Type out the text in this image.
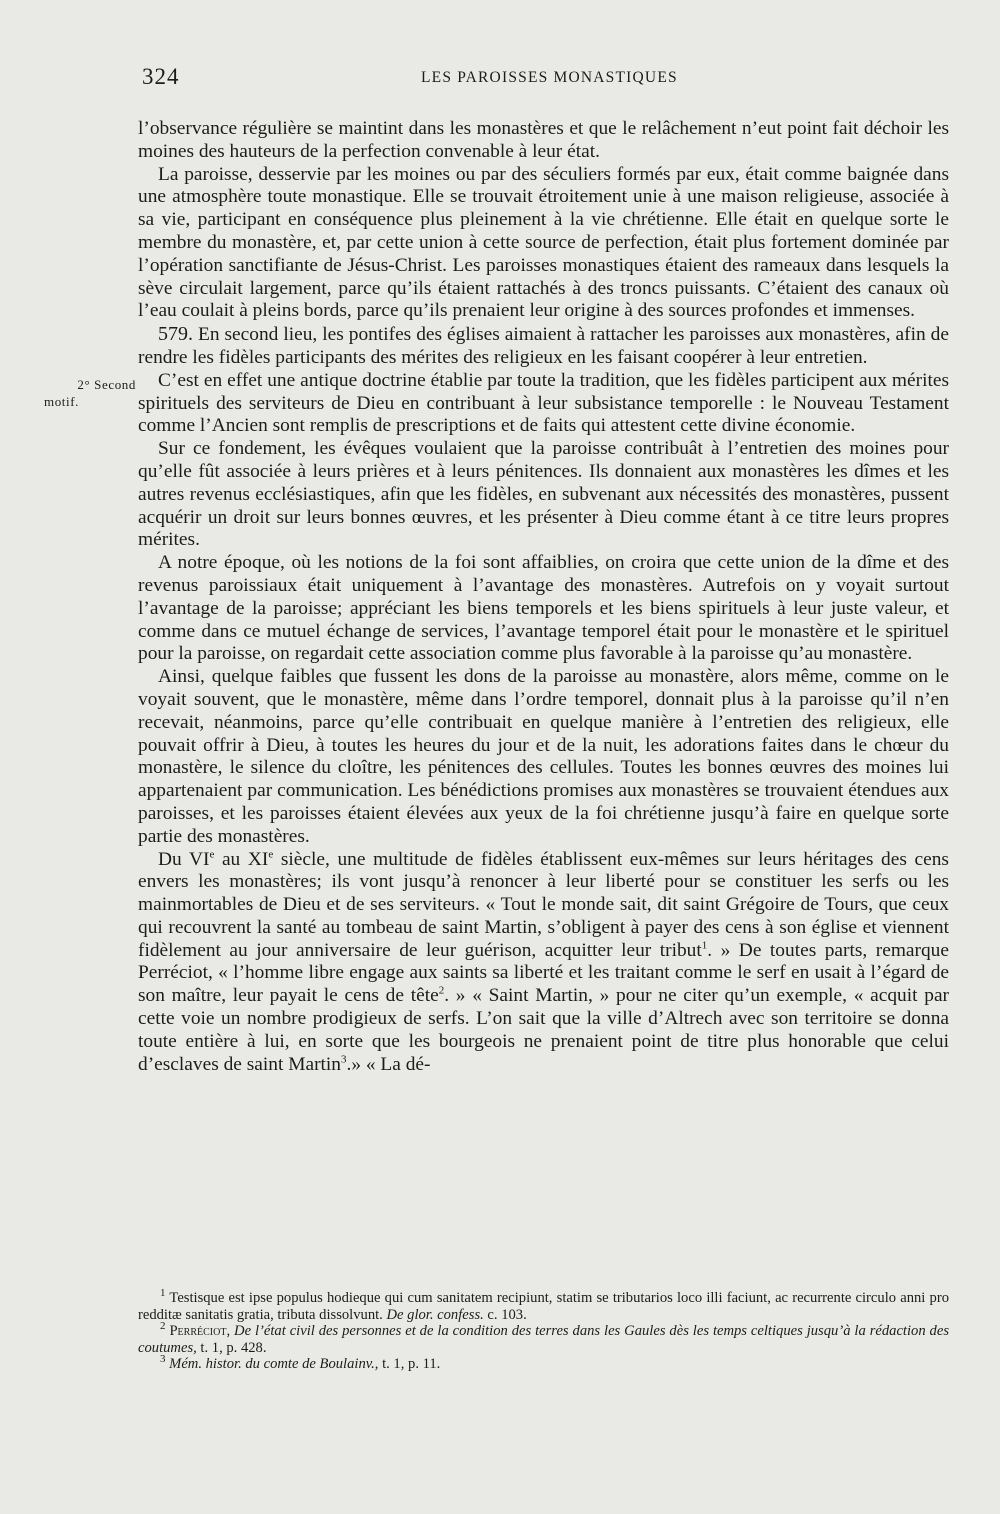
324	LES PAROISSES MONASTIQUES
2° Second
motif.

l’observance régulière se maintint dans les monastères et que le relâchement n’eut point fait déchoir les moines des hauteurs de la perfection convenable à leur état.

La paroisse, desservie par les moines ou par des séculiers formés par eux, était comme baignée dans une atmosphère toute monastique. Elle se trouvait étroitement unie à une maison religieuse, associée à sa vie, participant en conséquence plus pleinement à la vie chrétienne. Elle était en quelque sorte le membre du monastère, et, par cette union à cette source de perfection, était plus fortement dominée par l’opération sanctifiante de Jésus-Christ. Les paroisses monastiques étaient des rameaux dans lesquels la sève circulait largement, parce qu’ils étaient rattachés à des troncs puissants. C’étaient des canaux où l’eau coulait à pleins bords, parce qu’ils prenaient leur origine à des sources profondes et immenses.

579. En second lieu, les pontifes des églises aimaient à rattacher les paroisses aux monastères, afin de rendre les fidèles participants des mérites des religieux en les faisant coopérer à leur entretien.

C’est en effet une antique doctrine établie par toute la tradition, que les fidèles participent aux mérites spirituels des serviteurs de Dieu en contribuant à leur subsistance temporelle : le Nouveau Testament comme l’Ancien sont remplis de prescriptions et de faits qui attestent cette divine économie.

Sur ce fondement, les évêques voulaient que la paroisse contribuât à l’entretien des moines pour qu’elle fût associée à leurs prières et à leurs pénitences. Ils donnaient aux monastères les dîmes et les autres revenus ecclésiastiques, afin que les fidèles, en subvenant aux nécessités des monastères, pussent acquérir un droit sur leurs bonnes œuvres, et les présenter à Dieu comme étant à ce titre leurs propres mérites.

A notre époque, où les notions de la foi sont affaiblies, on croira que cette union de la dîme et des revenus paroissiaux était uniquement à l’avantage des monastères. Autrefois on y voyait surtout l’avantage de la paroisse; appréciant les biens temporels et les biens spirituels à leur juste valeur, et comme dans ce mutuel échange de services, l’avantage temporel était pour le monastère et le spirituel pour la paroisse, on regardait cette association comme plus favorable à la paroisse qu’au monastère.

Ainsi, quelque faibles que fussent les dons de la paroisse au monastère, alors même, comme on le voyait souvent, que le monastère, même dans l’ordre temporel, donnait plus à la paroisse qu’il n’en recevait, néanmoins, parce qu’elle contribuait en quelque manière à l’entretien des religieux, elle pouvait offrir à Dieu, à toutes les heures du jour et de la nuit, les adorations faites dans le chœur du monastère, le silence du cloître, les pénitences des cellules. Toutes les bonnes œuvres des moines lui appartenaient par communication. Les bénédictions promises aux monastères se trouvaient étendues aux paroisses, et les paroisses étaient élevées aux yeux de la foi chrétienne jusqu’à faire en quelque sorte partie des monastères.

Du VIe au XIe siècle, une multitude de fidèles établissent eux-mêmes sur leurs héritages des cens envers les monastères; ils vont jusqu’à renoncer à leur liberté pour se constituer les serfs ou les mainmortables de Dieu et de ses serviteurs. « Tout le monde sait, dit saint Grégoire de Tours, que ceux qui recouvrent la santé au tombeau de saint Martin, s’obligent à payer des cens à son église et viennent fidèlement au jour anniversaire de leur guérison, acquitter leur tribut$^1$. » De toutes parts, remarque Perréciot, « l’homme libre engage aux saints sa liberté et les traitant comme le serf en usait à l’égard de son maître, leur payait le cens de tête$^2$. » « Saint Martin, » pour ne citer qu’un exemple, « acquit par cette voie un nombre prodigieux de serfs. L’on sait que la ville d’Altrech avec son territoire se donna toute entière à lui, en sorte que les bourgeois ne prenaient point de titre plus honorable que celui d’esclaves de saint Martin$^3$.» « La dé-

$^1$ Testisque est ipse populus hodieque qui cum sanitatem recipiunt, statim se tributarios loco illi faciunt, ac recurrente circulo anni pro redditæ sanitatis gratia, tributa dissolvunt. De glor. confess. c. 103.

$^2$ Perréciot, De l’état civil des personnes et de la condition des terres dans les Gaules dès les temps celtiques jusqu’à la rédaction des coutumes, t. 1, p. 428.

$^3$ Mém. histor. du comte de Boulainv., t. 1, p. 11.
